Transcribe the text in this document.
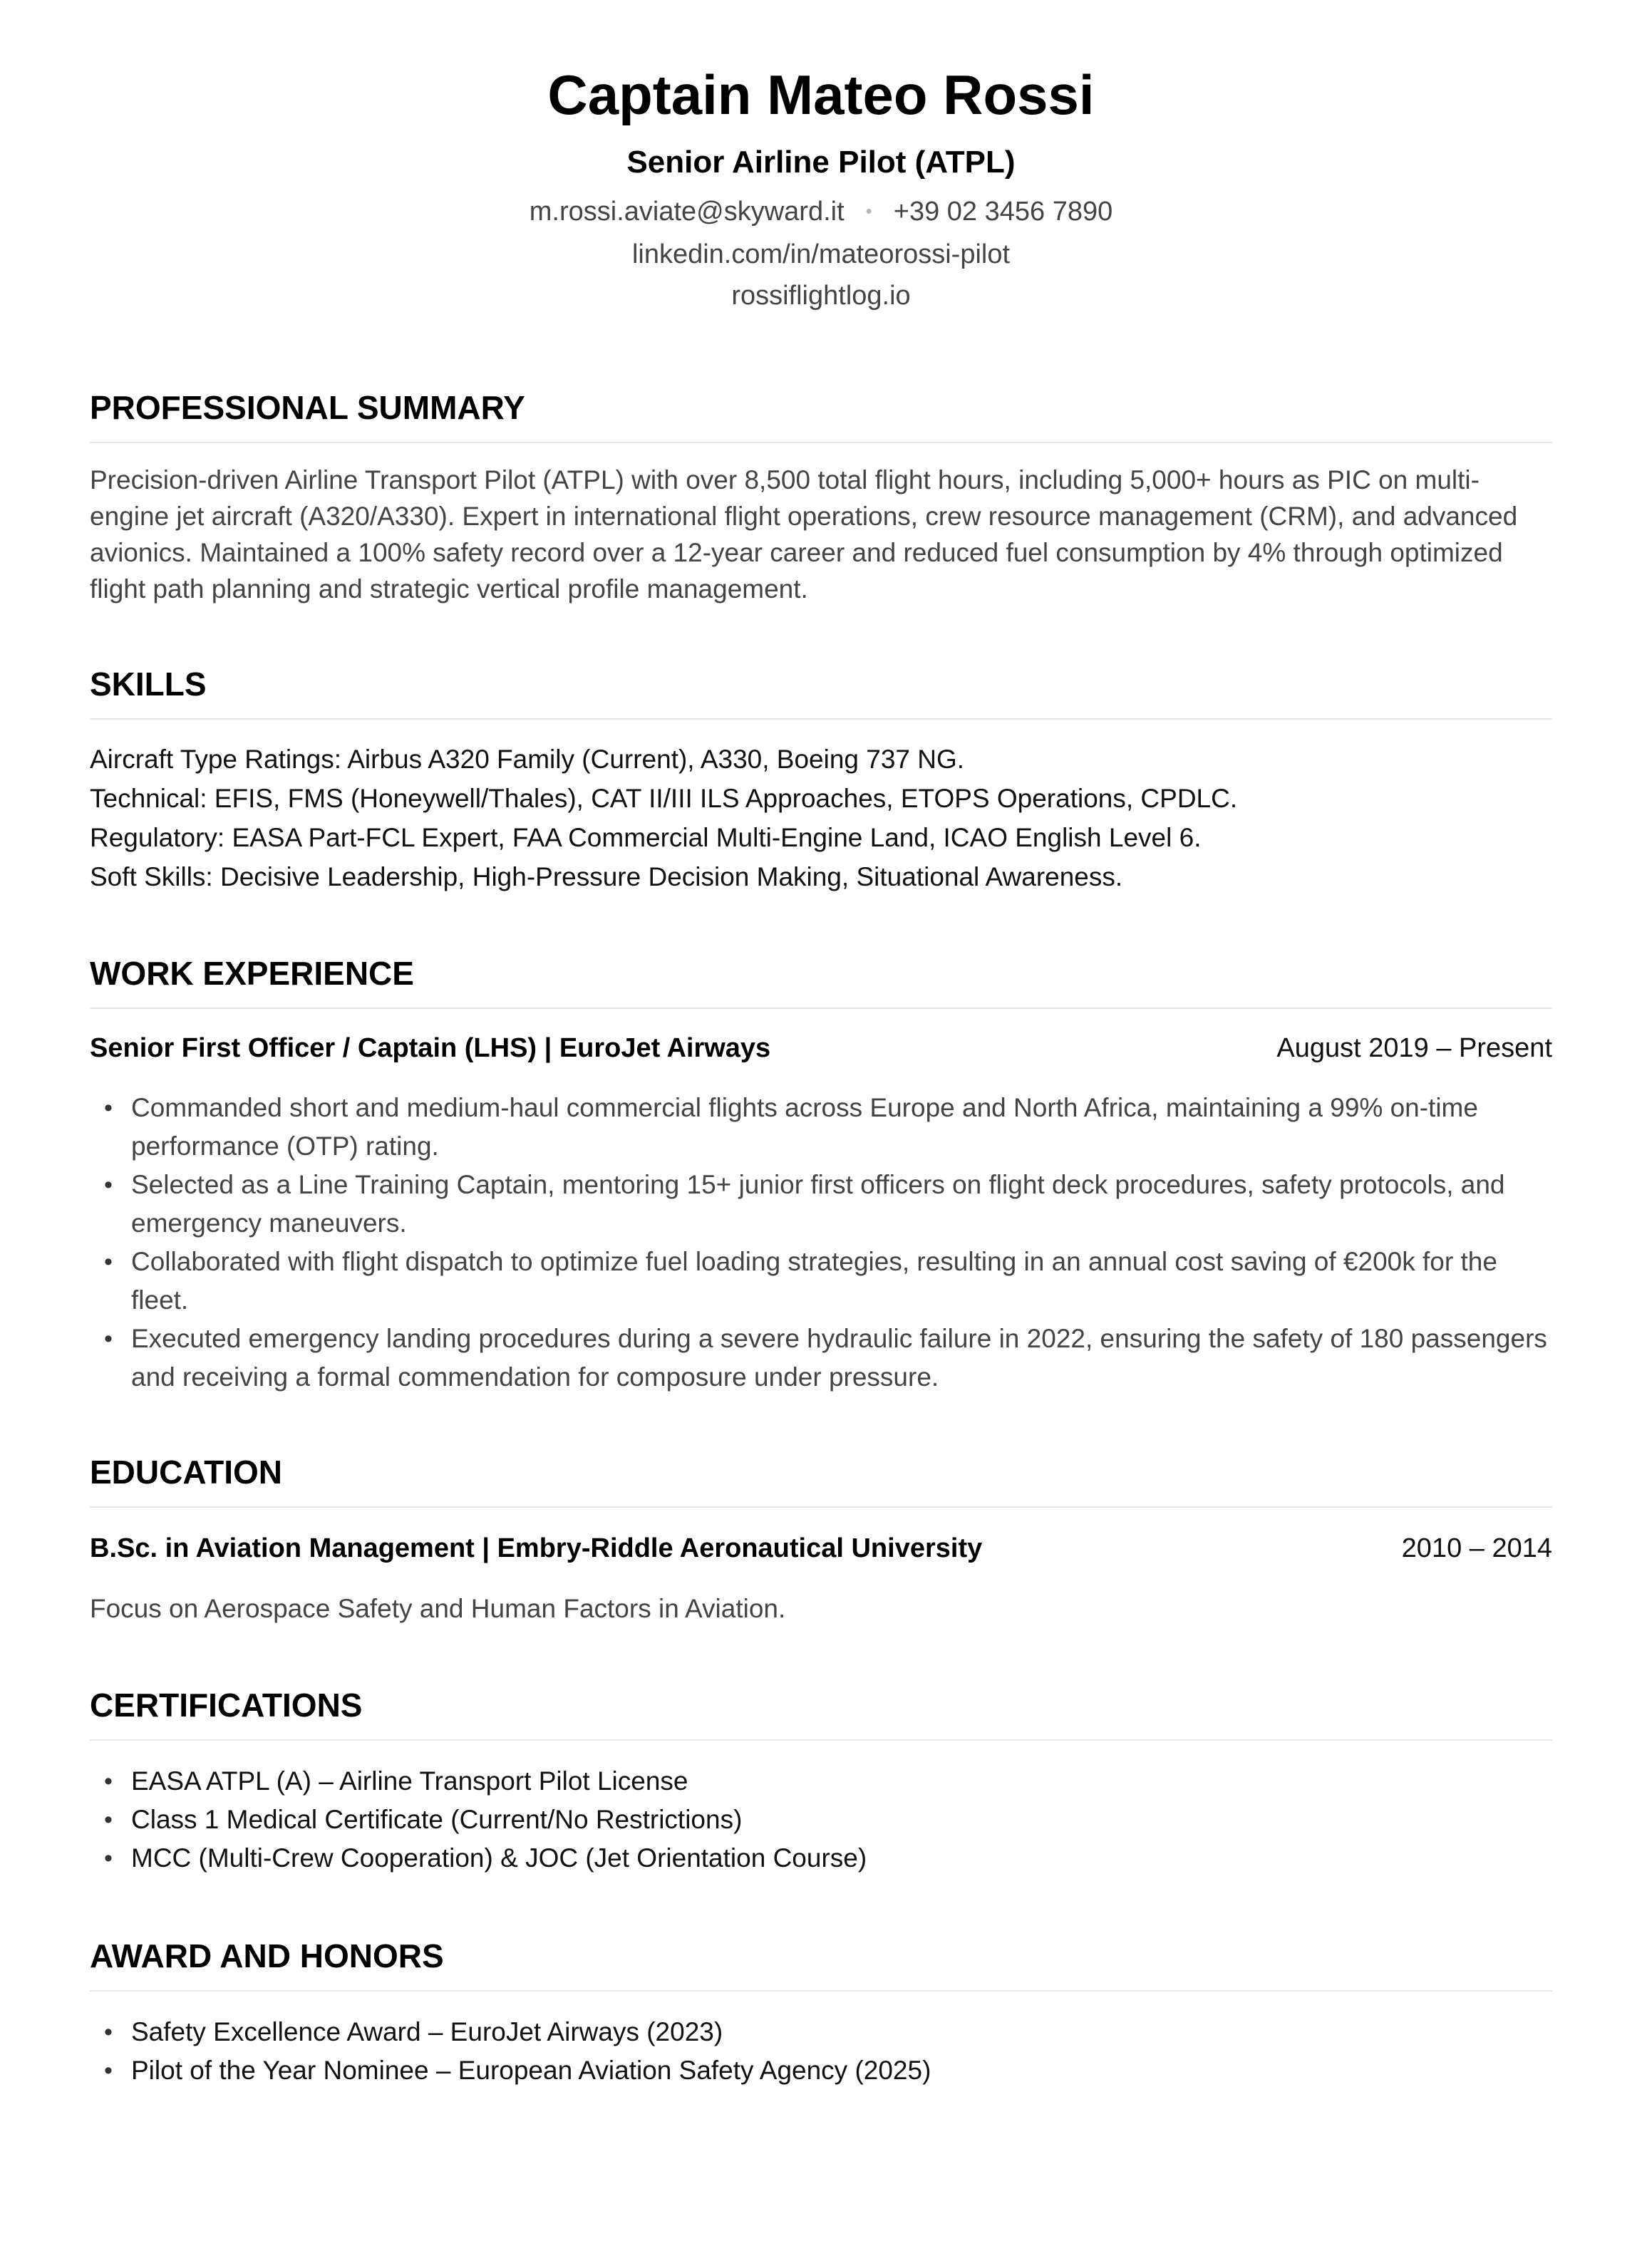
Captain Mateo Rossi
Senior Airline Pilot (ATPL)
m.rossi.aviate@skyward.it • +39 02 3456 7890
linkedin.com/in/mateorossi-pilot
rossiflightlog.io
PROFESSIONAL SUMMARY

Precision-driven Airline Transport Pilot (ATPL) with over 8,500 total flight hours, including 5,000+ hours as PIC on multi-engine jet aircraft (A320/A330). Expert in international flight operations, crew resource management (CRM), and advanced avionics. Maintained a 100% safety record over a 12-year career and reduced fuel consumption by 4% through optimized flight path planning and strategic vertical profile management.

SKILLS
Aircraft Type Ratings: Airbus A320 Family (Current), A330, Boeing 737 NG.
Technical: EFIS, FMS (Honeywell/Thales), CAT II/III ILS Approaches, ETOPS Operations, CPDLC.
Regulatory: EASA Part-FCL Expert, FAA Commercial Multi-Engine Land, ICAO English Level 6.
Soft Skills: Decisive Leadership, High-Pressure Decision Making, Situational Awareness.
WORK EXPERIENCE
Senior First Officer / Captain (LHS) | EuroJet Airways	August 2019 – Present
• Commanded short and medium-haul commercial flights across Europe and North Africa, maintaining a 99% on-time performance (OTP) rating.
• Selected as a Line Training Captain, mentoring 15+ junior first officers on flight deck procedures, safety protocols, and emergency maneuvers.
• Collaborated with flight dispatch to optimize fuel loading strategies, resulting in an annual cost saving of €200k for the fleet.
• Executed emergency landing procedures during a severe hydraulic failure in 2022, ensuring the safety of 180 passengers and receiving a formal commendation for composure under pressure.
EDUCATION
B.Sc. in Aviation Management | Embry-Riddle Aeronautical University	2010 – 2014

Focus on Aerospace Safety and Human Factors in Aviation.

CERTIFICATIONS
• EASA ATPL (A) – Airline Transport Pilot License
• Class 1 Medical Certificate (Current/No Restrictions)
• MCC (Multi-Crew Cooperation) & JOC (Jet Orientation Course)
AWARD AND HONORS
• Safety Excellence Award – EuroJet Airways (2023)
• Pilot of the Year Nominee – European Aviation Safety Agency (2025)
